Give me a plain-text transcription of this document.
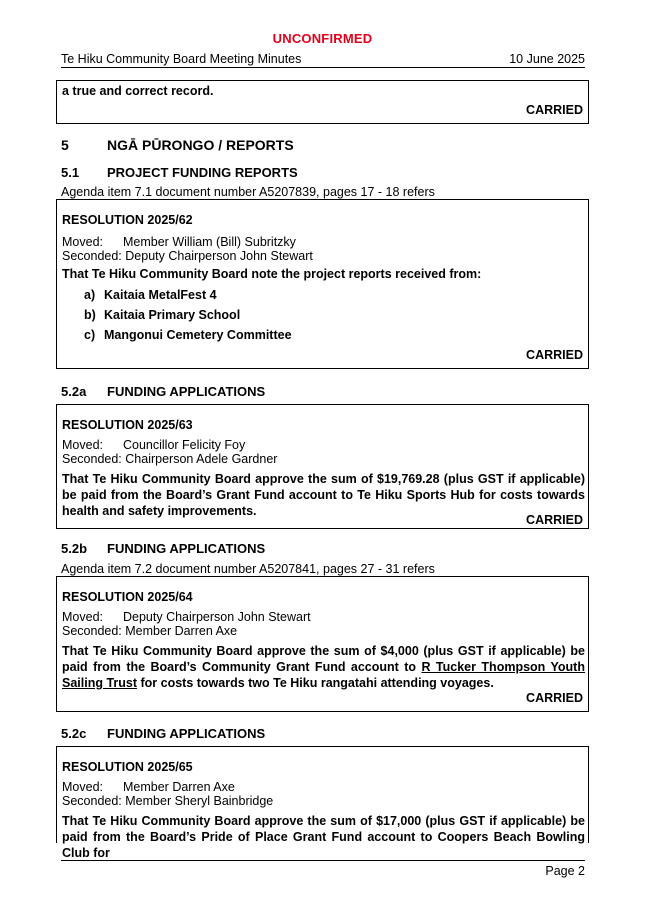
UNCONFIRMED
Te Hiku Community Board Meeting Minutes	10 June 2025
a true and correct record.
CARRIED
5	NGĀ PŪRONGO / REPORTS
5.1 PROJECT FUNDING REPORTS
Agenda item 7.1 document number A5207839, pages 17 - 18 refers
RESOLUTION 2025/62
Moved: Member William (Bill) Subritzky
Seconded: Deputy Chairperson John Stewart
That Te Hiku Community Board note the project reports received from:
a) Kaitaia MetalFest 4
b) Kaitaia Primary School
c) Mangonui Cemetery Committee
CARRIED
5.2a FUNDING APPLICATIONS
RESOLUTION 2025/63
Moved: Councillor Felicity Foy
Seconded: Chairperson Adele Gardner
That Te Hiku Community Board approve the sum of $19,769.28 (plus GST if applicable) be paid from the Board’s Grant Fund account to Te Hiku Sports Hub for costs towards health and safety improvements.
CARRIED
5.2b FUNDING APPLICATIONS
Agenda item 7.2 document number A5207841, pages 27 - 31 refers
RESOLUTION 2025/64
Moved: Deputy Chairperson John Stewart
Seconded: Member Darren Axe
That Te Hiku Community Board approve the sum of $4,000 (plus GST if applicable) be paid from the Board’s Community Grant Fund account to R Tucker Thompson Youth Sailing Trust for costs towards two Te Hiku rangatahi attending voyages.
CARRIED
5.2c FUNDING APPLICATIONS
RESOLUTION 2025/65
Moved: Member Darren Axe
Seconded: Member Sheryl Bainbridge
That Te Hiku Community Board approve the sum of $17,000 (plus GST if applicable) be paid from the Board’s Pride of Place Grant Fund account to Coopers Beach Bowling Club for
Page 2
